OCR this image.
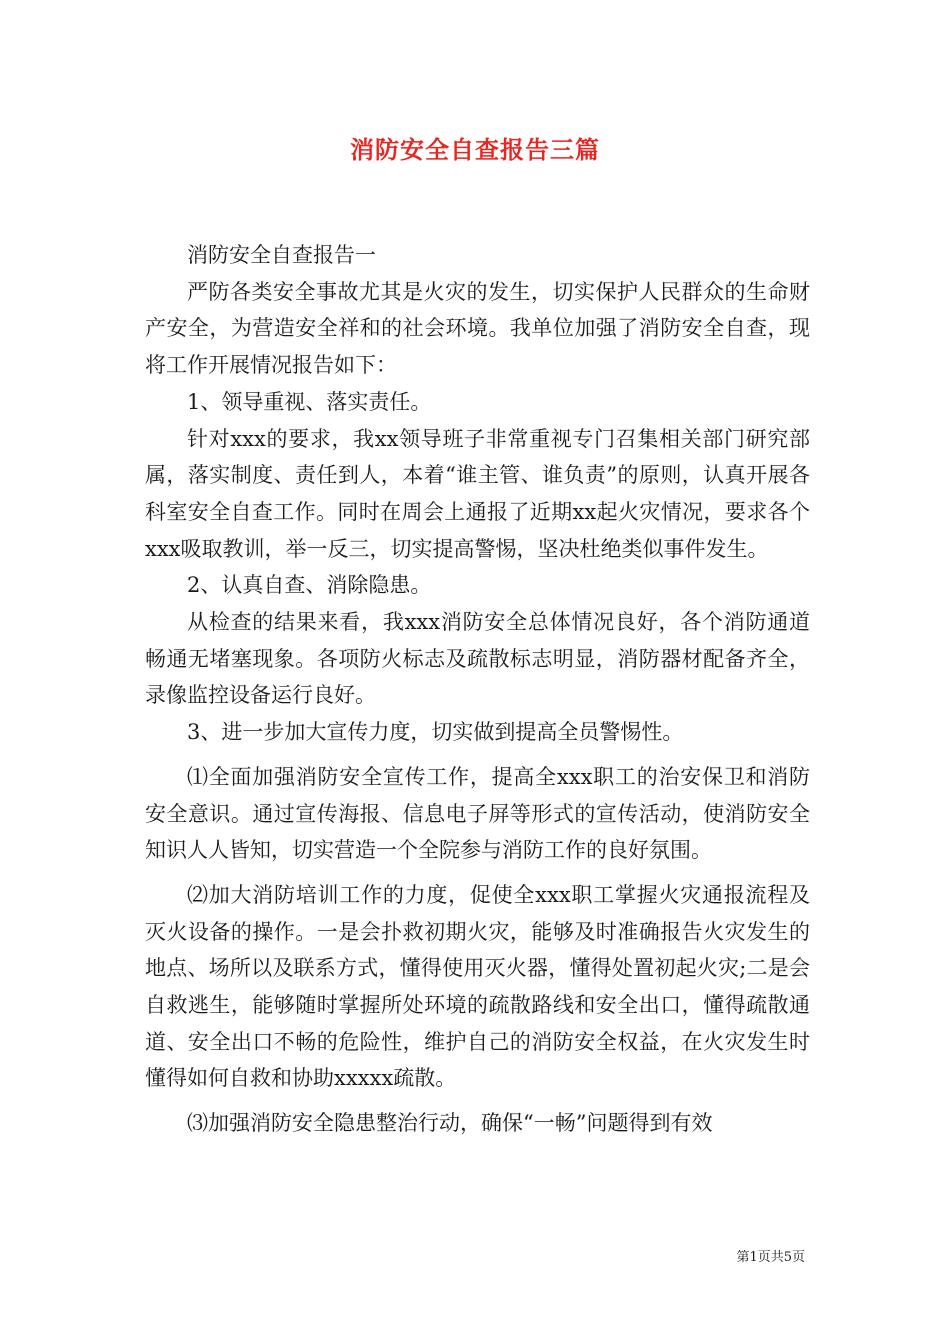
消防安全自查报告三篇

消防安全自查报告一

严防各类安全事故尤其是火灾的发生，切实保护人民群众的生命财产安全，为营造安全祥和的社会环境。我单位加强了消防安全自查，现将工作开展情况报告如下：

1、领导重视、落实责任。

针对xxx的要求，我xx领导班子非常重视专门召集相关部门研究部属，落实制度、责任到人，本着“谁主管、谁负责”的原则，认真开展各科室安全自查工作。同时在周会上通报了近期xx起火灾情况，要求各个xxx吸取教训，举一反三，切实提高警惕，坚决杜绝类似事件发生。

2、认真自查、消除隐患。

从检查的结果来看，我xxx消防安全总体情况良好，各个消防通道畅通无堵塞现象。各项防火标志及疏散标志明显，消防器材配备齐全，录像监控设备运行良好。

3、进一步加大宣传力度，切实做到提高全员警惕性。

⑴全面加强消防安全宣传工作，提高全xxx职工的治安保卫和消防安全意识。通过宣传海报、信息电子屏等形式的宣传活动，使消防安全知识人人皆知，切实营造一个全院参与消防工作的良好氛围。

⑵加大消防培训工作的力度，促使全xxx职工掌握火灾通报流程及灭火设备的操作。一是会扑救初期火灾，能够及时准确报告火灾发生的地点、场所以及联系方式，懂得使用灭火器，懂得处置初起火灾;二是会自救逃生，能够随时掌握所处环境的疏散路线和安全出口，懂得疏散通道、安全出口不畅的危险性，维护自己的消防安全权益，在火灾发生时懂得如何自救和协助xxxxx疏散。

⑶加强消防安全隐患整治行动，确保“一畅”问题得到有效

第1页共5页
